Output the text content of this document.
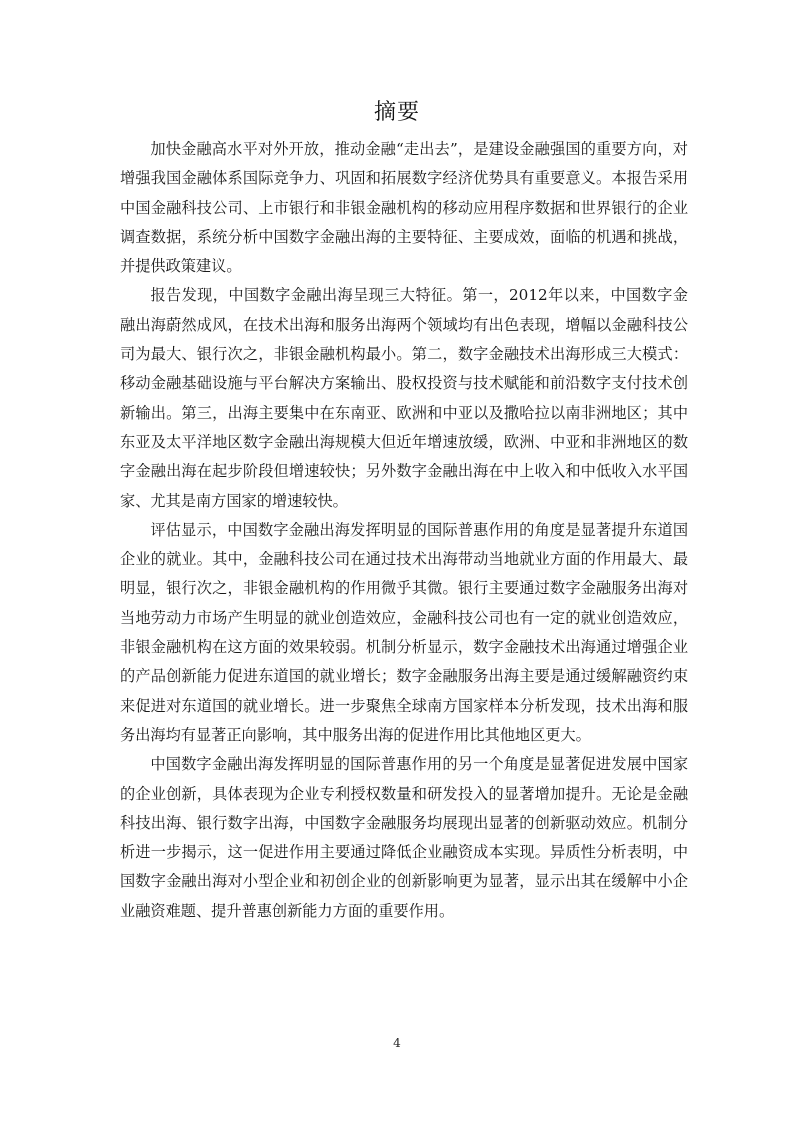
摘要

加快金融高水平对外开放，推动金融“走出去”，是建设金融强国的重要方向，对增强我国金融体系国际竞争力、巩固和拓展数字经济优势具有重要意义。本报告采用中国金融科技公司、上市银行和非银金融机构的移动应用程序数据和世界银行的企业调查数据，系统分析中国数字金融出海的主要特征、主要成效，面临的机遇和挑战，并提供政策建议。

报告发现，中国数字金融出海呈现三大特征。第一，2012年以来，中国数字金融出海蔚然成风，在技术出海和服务出海两个领域均有出色表现，增幅以金融科技公司为最大、银行次之，非银金融机构最小。第二，数字金融技术出海形成三大模式：移动金融基础设施与平台解决方案输出、股权投资与技术赋能和前沿数字支付技术创新输出。第三，出海主要集中在东南亚、欧洲和中亚以及撒哈拉以南非洲地区；其中东亚及太平洋地区数字金融出海规模大但近年增速放缓，欧洲、中亚和非洲地区的数字金融出海在起步阶段但增速较快；另外数字金融出海在中上收入和中低收入水平国家、尤其是南方国家的增速较快。

评估显示，中国数字金融出海发挥明显的国际普惠作用的角度是显著提升东道国企业的就业。其中，金融科技公司在通过技术出海带动当地就业方面的作用最大、最明显，银行次之，非银金融机构的作用微乎其微。银行主要通过数字金融服务出海对当地劳动力市场产生明显的就业创造效应，金融科技公司也有一定的就业创造效应，非银金融机构在这方面的效果较弱。机制分析显示，数字金融技术出海通过增强企业的产品创新能力促进东道国的就业增长；数字金融服务出海主要是通过缓解融资约束来促进对东道国的就业增长。进一步聚焦全球南方国家样本分析发现，技术出海和服务出海均有显著正向影响，其中服务出海的促进作用比其他地区更大。

中国数字金融出海发挥明显的国际普惠作用的另一个角度是显著促进发展中国家的企业创新，具体表现为企业专利授权数量和研发投入的显著增加提升。无论是金融科技出海、银行数字出海，中国数字金融服务均展现出显著的创新驱动效应。机制分析进一步揭示，这一促进作用主要通过降低企业融资成本实现。异质性分析表明，中国数字金融出海对小型企业和初创企业的创新影响更为显著，显示出其在缓解中小企业融资难题、提升普惠创新能力方面的重要作用。

4
